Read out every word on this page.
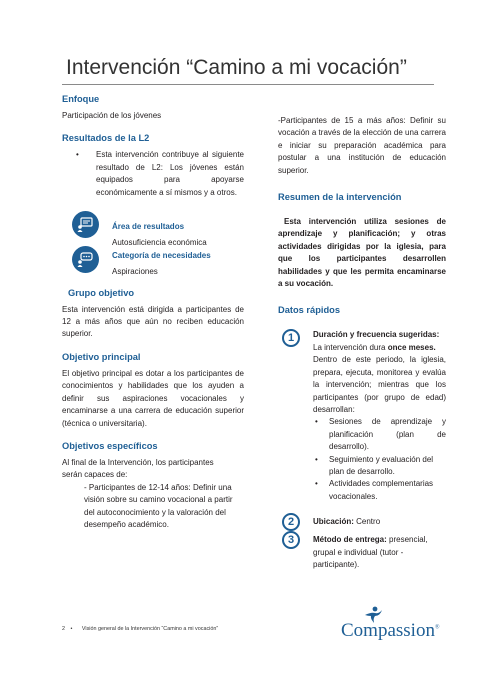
Intervención “Camino a mi vocación”
Enfoque

Participación de los jóvenes

Resultados de la L2
•	Esta intervención contribuye al siguiente resultado de L2: Los jóvenes están equipados para apoyarse económicamente a sí mismos y a otros.
Área de resultados
Autosuficiencia económica
Categoría de necesidades
Aspiraciones
Grupo objetivo

Esta intervención está dirigida a participantes de 12 a más años que aún no reciben educación superior.

Objetivo principal

El objetivo principal es dotar a los participantes de conocimientos y habilidades que los ayuden a definir sus aspiraciones vocacionales y encaminarse a una carrera de educación superior (técnica o universitaria).

Objetivos específicos

Al final de la Intervención, los participantes serán capaces de:

- Participantes de 12-14 años: Definir una visión sobre su camino vocacional a partir del autoconocimiento y la valoración del desempeño académico.

-Participantes de 15 a más años: Definir su vocación a través de la elección de una carrera e iniciar su preparación académica para postular a una institución de educación superior.

Resumen de la intervención

Esta intervención utiliza sesiones de aprendizaje y planificación; y otras actividades dirigidas por la iglesia, para que los participantes desarrollen habilidades y que les permita encaminarse a su vocación.

Datos rápidos
1	Duración y frecuencia sugeridas:
La intervención dura once meses.

Dentro de este periodo, la iglesia, prepara, ejecuta, monitorea y evalúa la intervención; mientras que los participantes (por grupo de edad) desarrollan:

•	Sesiones de aprendizaje y planificación (plan de desarrollo).
•	Seguimiento y evaluación del plan de desarrollo.
•	Actividades complementarias vocacionales.
2	Ubicación: Centro
3	Método de entrega: presencial, grupal e individual (tutor - participante).
2 • Visión general de la Intervención “Camino a mi vocación”	Compassion®
